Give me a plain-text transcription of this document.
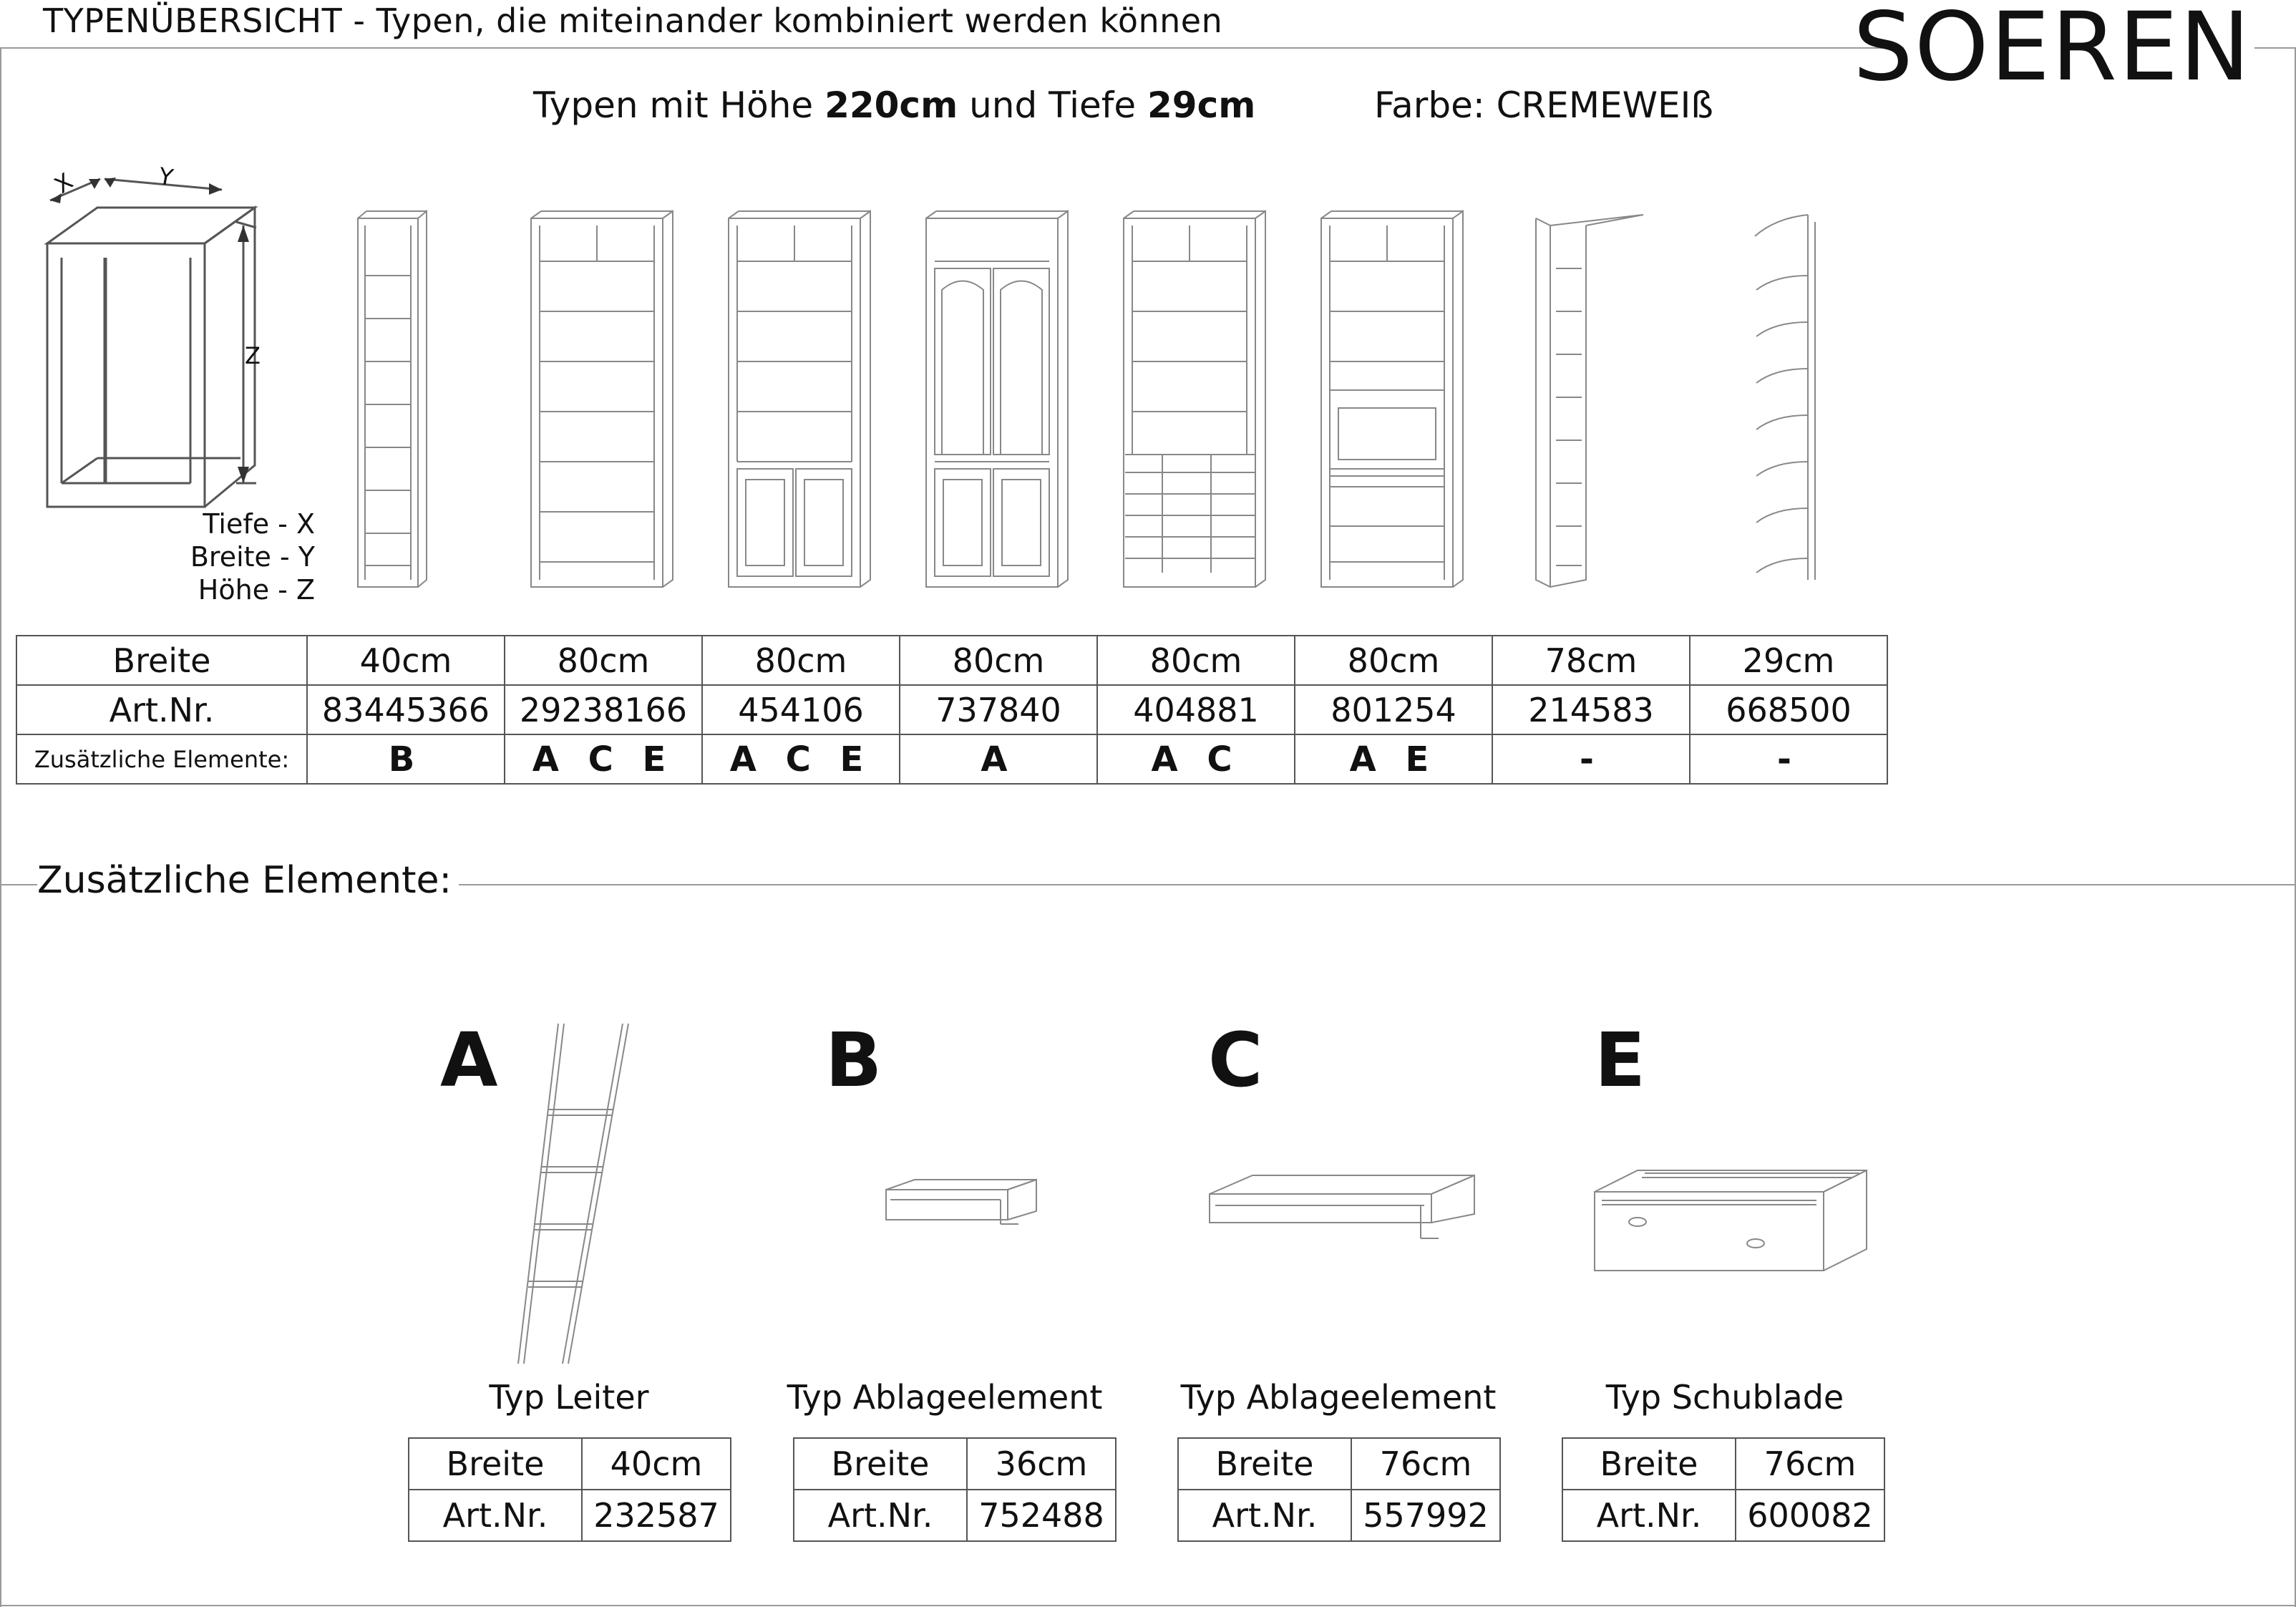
TYPENÜBERSICHT - Typen, die miteinander kombiniert werden können	SOEREN
Typen mit Höhe 220cm und Tiefe 29cm	Farbe: CREMEWEIß
X	Y
Z
Tiefe - X
Breite - Y
Höhe - Z
Breite	40cm	80cm	80cm	80cm	80cm	80cm	78cm	29cm
Art.Nr.	83445366	29238166	454106	737840	404881	801254	214583	668500
Zusätzliche Elemente:	B	A C E	A C E	A	A C	A E	-	-
Zusätzliche Elemente:
A	B	C	E
Typ Leiter	Typ Ablageelement Typ Ablageelement	Typ Schublade
Breite	40cm
Art.Nr.	232587
Breite	36cm
Art.Nr.	752488
Breite	76cm
Art.Nr.	557992
Breite	76cm
Art.Nr.	600082
